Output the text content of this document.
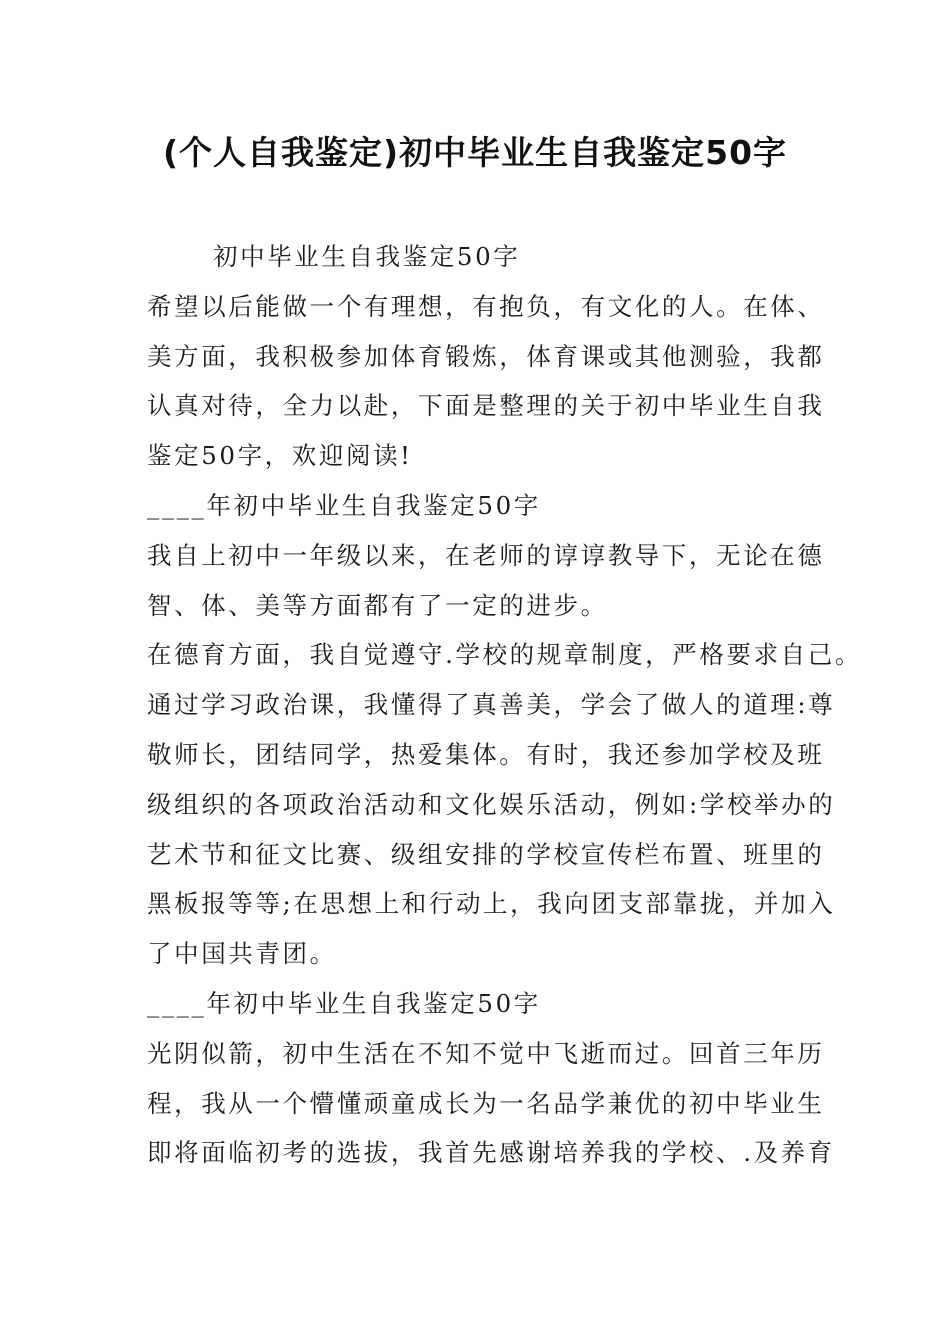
(个人自我鉴定)初中毕业生自我鉴定50字
初中毕业生自我鉴定50字
希望以后能做一个有理想，有抱负，有文化的人。在体、
美方面，我积极参加体育锻炼，体育课或其他测验，我都
认真对待，全力以赴，下面是整理的关于初中毕业生自我
鉴定50字，欢迎阅读!
____年初中毕业生自我鉴定50字
我自上初中一年级以来，在老师的谆谆教导下，无论在德
智、体、美等方面都有了一定的进步。
在德育方面，我自觉遵守.学校的规章制度，严格要求自己。
通过学习政治课，我懂得了真善美，学会了做人的道理:尊
敬师长，团结同学，热爱集体。有时，我还参加学校及班
级组织的各项政治活动和文化娱乐活动，例如:学校举办的
艺术节和征文比赛、级组安排的学校宣传栏布置、班里的
黑板报等等;在思想上和行动上，我向团支部靠拢，并加入
了中国共青团。
____年初中毕业生自我鉴定50字
光阴似箭，初中生活在不知不觉中飞逝而过。回首三年历
程，我从一个懵懂顽童成长为一名品学兼优的初中毕业生
即将面临初考的选拔，我首先感谢培养我的学校、.及养育
